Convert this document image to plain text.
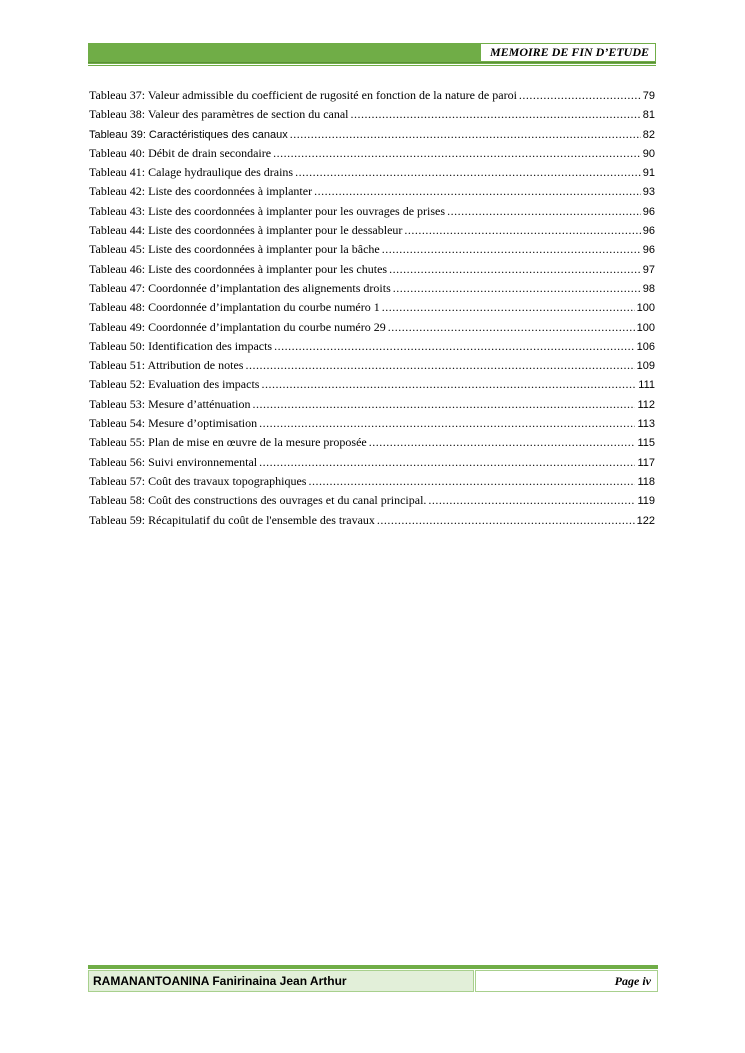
MEMOIRE DE FIN D’ETUDE
Tableau 37: Valeur admissible du coefficient de rugosité en fonction de la nature de paroi .....	79
Tableau 38: Valeur des paramètres de section du canal .....	81
Tableau 39: Caractéristiques des canaux .....	82
Tableau 40: Débit de drain secondaire .....	90
Tableau 41: Calage hydraulique des drains .....	91
Tableau 42: Liste des coordonnées à implanter .....	93
Tableau 43: Liste des coordonnées à implanter pour les ouvrages de prises .....	96
Tableau 44: Liste des coordonnées à implanter pour le dessableur .....	96
Tableau 45: Liste des coordonnées à implanter pour la bâche .....	96
Tableau 46: Liste des coordonnées à implanter pour les chutes .....	97
Tableau 47: Coordonnée d’implantation des alignements droits .....	98
Tableau 48: Coordonnée d’implantation du courbe numéro 1 .....	100
Tableau 49: Coordonnée d’implantation du courbe numéro 29 .....	100
Tableau 50: Identification des impacts .....	106
Tableau 51: Attribution de notes .....	109
Tableau 52: Evaluation des impacts .....	111
Tableau 53: Mesure d’atténuation .....	112
Tableau 54: Mesure d’optimisation .....	113
Tableau 55: Plan de mise en œuvre de la mesure proposée .....	115
Tableau 56: Suivi environnemental .....	117
Tableau 57: Coût des travaux topographiques .....	118
Tableau 58: Coût des constructions des ouvrages et du canal principal. .....	119
Tableau 59: Récapitulatif du coût de l'ensemble des travaux .....	122
RAMANANTOANINA Fanirinaina Jean Arthur	Page iv
